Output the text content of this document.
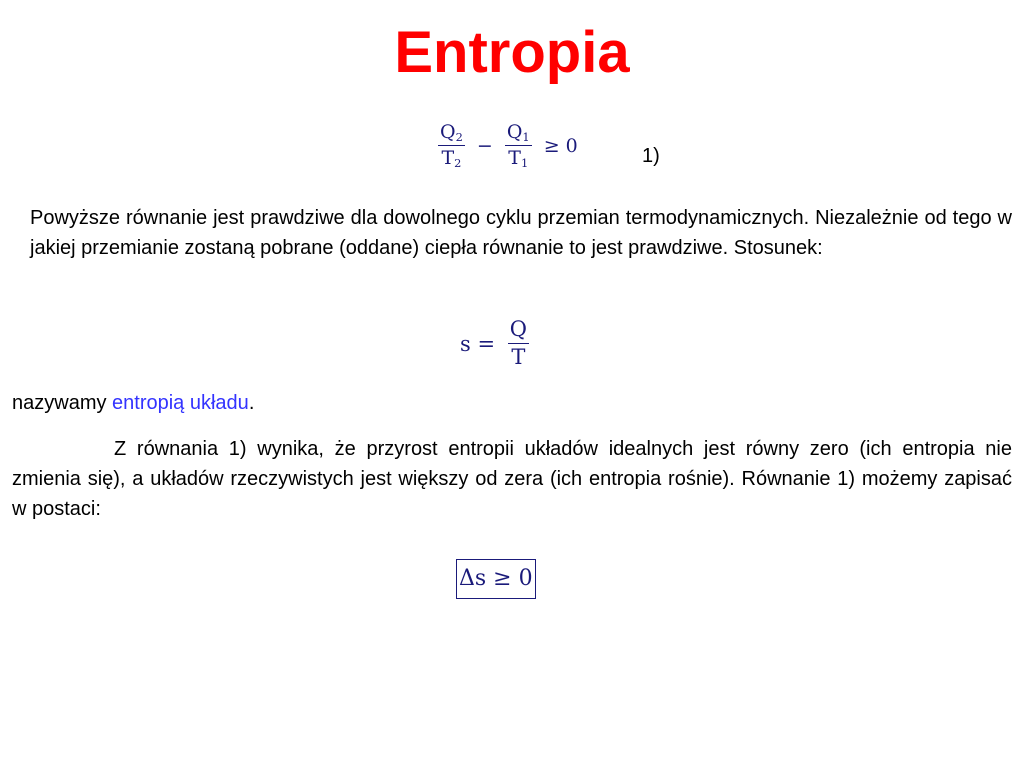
Entropia
$\frac{Q_2}{T_2} - \frac{Q_1}{T_1} \ge 0$	1)

Powyższe równanie jest prawdziwe dla dowolnego cyklu przemian termodynamicznych. Niezależnie od tego w jakiej przemianie zostaną pobrane (oddane) ciepła równanie to jest prawdziwe. Stosunek:

$s = \frac{Q}{T}$

nazywamy entropią układu.

Z równania 1) wynika, że przyrost entropii układów idealnych jest równy zero (ich entropia nie zmienia się), a układów rzeczywistych jest większy od zera (ich entropia rośnie). Równanie 1) możemy zapisać w postaci:

Δs ≥ 0
